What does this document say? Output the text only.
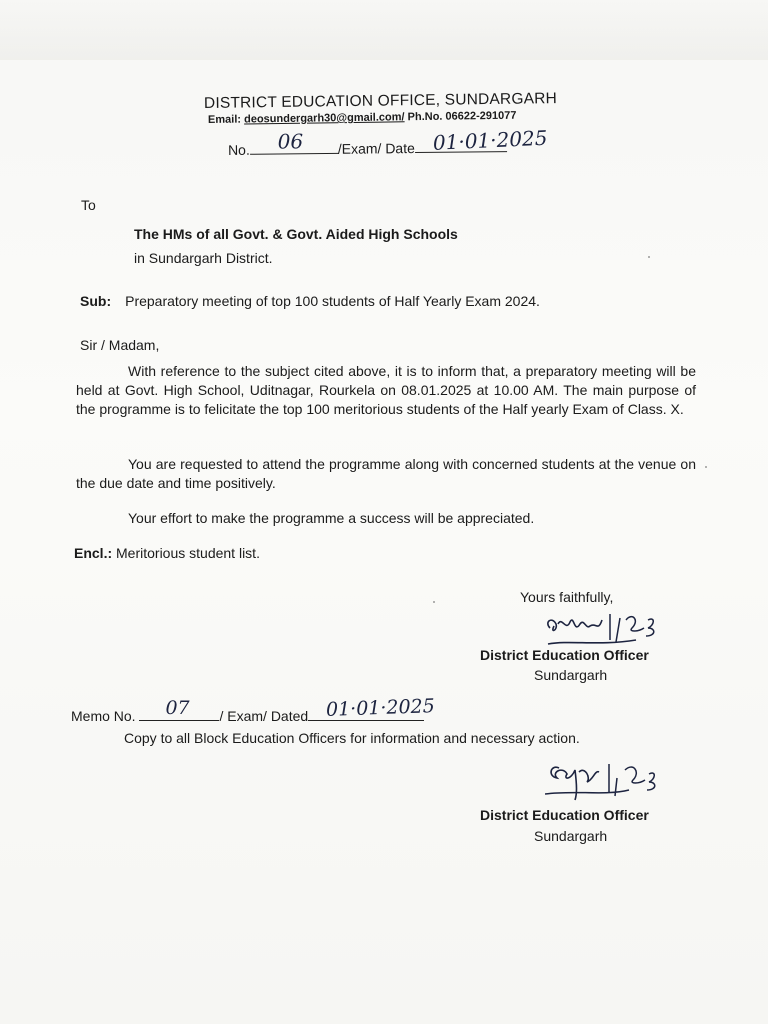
DISTRICT EDUCATION OFFICE, SUNDARGARH
Email: deosundergarh30@gmail.com/ Ph.No. 06622-291077
No. 06 /Exam/ Date 01·01·2025
To
The HMs of all Govt. & Govt. Aided High Schools
in Sundargarh District.
Sub: Preparatory meeting of top 100 students of Half Yearly Exam 2024.
Sir / Madam,
With reference to the subject cited above, it is to inform that, a preparatory meeting will be held at Govt. High School, Uditnagar, Rourkela on 08.01.2025 at 10.00 AM. The main purpose of the programme is to felicitate the top 100 meritorious students of the Half yearly Exam of Class. X.
You are requested to attend the programme along with concerned students at the venue on the due date and time positively.
Your effort to make the programme a success will be appreciated.
Encl.: Meritorious student list.
Yours faithfully,
District Education Officer
Sundargarh
Memo No. 07 / Exam/ Dated 01·01·2025
Copy to all Block Education Officers for information and necessary action.
District Education Officer
Sundargarh
